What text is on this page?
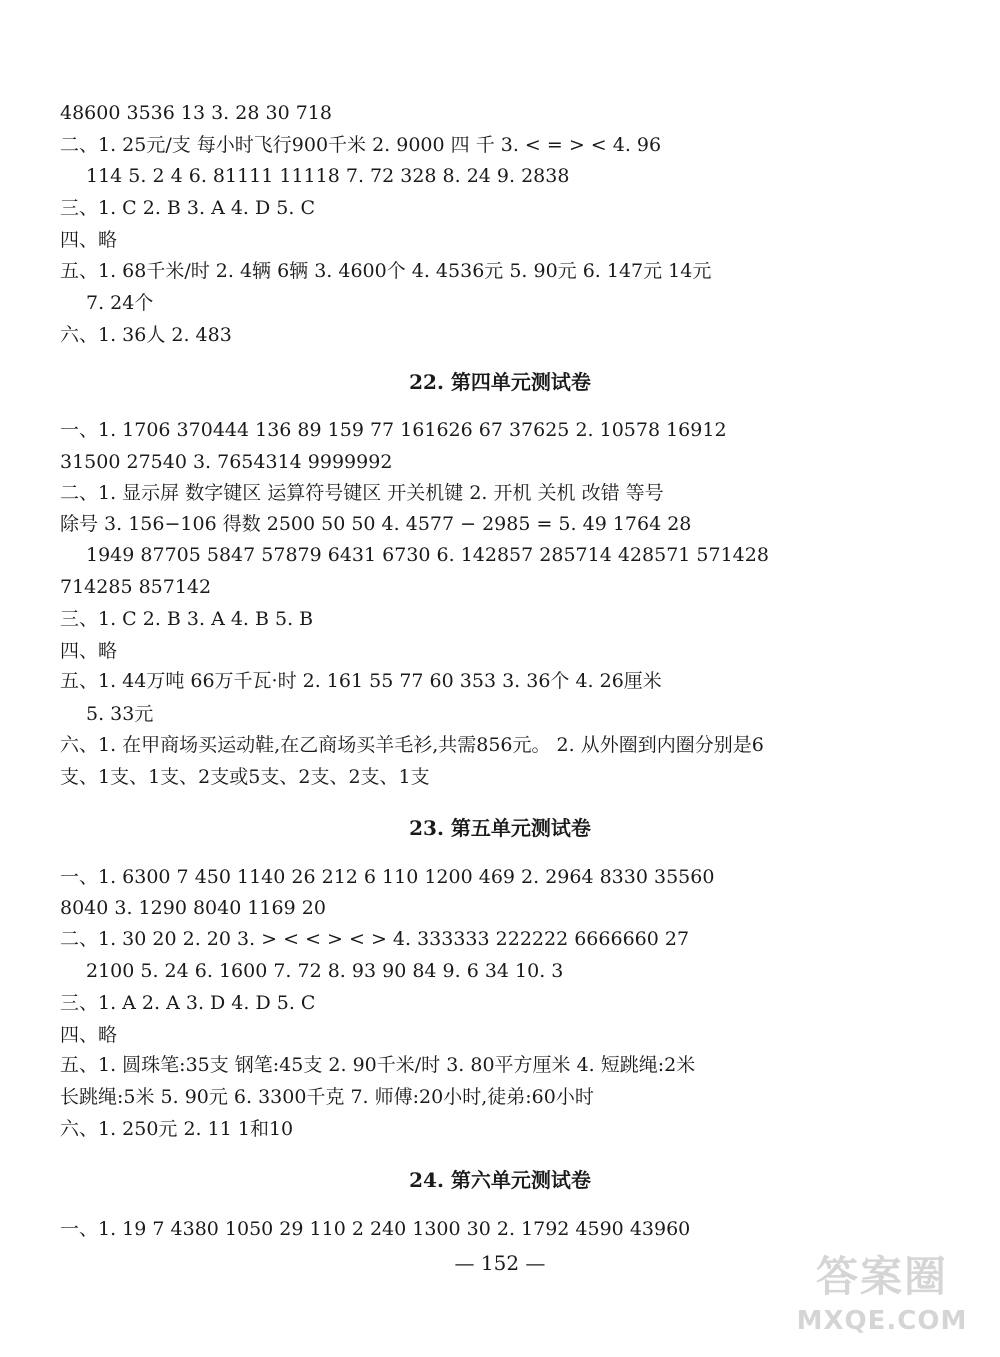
48600 3536 13 3. 28 30 718
二、1. 25元/支 每小时飞行900千米 2. 9000 四 千 3. < = > < 4. 96
114 5. 2 4 6. 81111 11118 7. 72 328 8. 24 9. 2838
三、1. C 2. B 3. A 4. D 5. C
四、略
五、1. 68千米/时 2. 4辆 6辆 3. 4600个 4. 4536元 5. 90元 6. 147元 14元
7. 24个
六、1. 36人 2. 483
22. 第四单元测试卷
一、1. 1706 370444 136 89 159 77 161626 67 37625 2. 10578 16912
31500 27540 3. 7654314 9999992
二、1. 显示屏 数字键区 运算符号键区 开关机键 2. 开机 关机 改错 等号
除号 3. 156−106 得数 2500 50 50 4. 4577 − 2985 = 5. 49 1764 28
1949 87705 5847 57879 6431 6730 6. 142857 285714 428571 571428
714285 857142
三、1. C 2. B 3. A 4. B 5. B
四、略
五、1. 44万吨 66万千瓦·时 2. 161 55 77 60 353 3. 36个 4. 26厘米
5. 33元
六、1. 在甲商场买运动鞋,在乙商场买羊毛衫,共需856元。 2. 从外圈到内圈分别是6
支、1支、1支、2支或5支、2支、2支、1支
23. 第五单元测试卷
一、1. 6300 7 450 1140 26 212 6 110 1200 469 2. 2964 8330 35560
8040 3. 1290 8040 1169 20
二、1. 30 20 2. 20 3. > < < > < > 4. 333333 222222 6666660 27
2100 5. 24 6. 1600 7. 72 8. 93 90 84 9. 6 34 10. 3
三、1. A 2. A 3. D 4. D 5. C
四、略
五、1. 圆珠笔:35支 钢笔:45支 2. 90千米/时 3. 80平方厘米 4. 短跳绳:2米
长跳绳:5米 5. 90元 6. 3300千克 7. 师傅:20小时,徒弟:60小时
六、1. 250元 2. 11 1和10
24. 第六单元测试卷
一、1. 19 7 4380 1050 29 110 2 240 1300 30 2. 1792 4590 43960
— 152 —	答案圈
MXQE.COM
